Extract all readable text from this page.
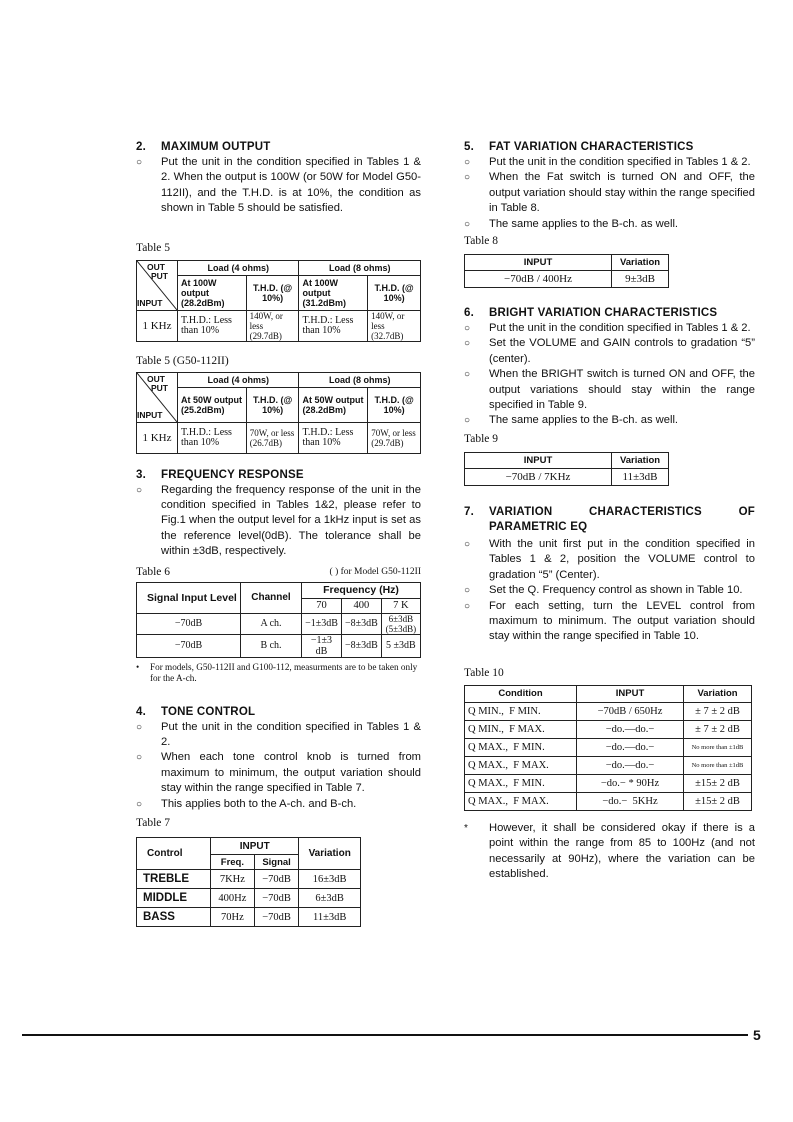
2.	MAXIMUM OUTPUT
○	Put the unit in the condition specified in Tables 1 & 2. When the output is 100W (or 50W for Model G50-112II), and the T.H.D. is at 10%, the condition as shown in Table 5 should be satisfied.
Table 5
OUT
PUT
INPUT	Load (4 ohms)		Load (8 ohms)	
	At 100W output (28.2dBm)	T.H.D. (@ 10%)	At 100W output (31.2dBm)	T.H.D. (@ 10%)
1 KHz	T.H.D.: Less than 10%	140W, or less (29.7dB)	T.H.D.: Less than 10%	140W, or less (32.7dB)
Table 5 (G50-112II)
OUT
PUT
INPUT	Load (4 ohms)		Load (8 ohms)	
	At 50W output (25.2dBm)	T.H.D. (@ 10%)	At 50W output (28.2dBm)	T.H.D. (@ 10%)
1 KHz	T.H.D.: Less than 10%	70W, or less (26.7dB)	T.H.D.: Less than 10%	70W, or less (29.7dB)
3.	FREQUENCY RESPONSE
○	Regarding the frequency response of the unit in the condition specified in Tables 1&2, please refer to Fig.1 when the output level for a 1kHz input is set as the reference level(0dB). The tolerance shall be within ±3dB, respectively.
Table 6	( ) for Model G50-112II
Signal Input Level	Channel	Frequency (Hz)		
		70	400	7 K
−70dB	A ch.	−1±3dB	−8±3dB	6±3dB (5±3dB)
−70dB	B ch.	−1±3 dB	−8±3dB	5 ±3dB
•	For models, G50-112II and G100-112, measurments are to be taken only for the A-ch.
4.	TONE CONTROL
○	Put the unit in the condition specified in Tables 1 & 2.
○	When each tone control knob is turned from maximum to minimum, the output variation should stay within the range specified in Table 7.
○	This applies both to the A-ch. and B-ch.
Table 7
Control	INPUT		Variation
	Freq.	Signal	
TREBLE	7KHz	−70dB	16±3dB
MIDDLE	400Hz	−70dB	6±3dB
BASS	70Hz	−70dB	11±3dB
5.	FAT VARIATION CHARACTERISTICS
○	Put the unit in the condition specified in Tables 1 & 2.
○	When the Fat switch is turned ON and OFF, the output variation should stay within the range specified in Table 8.
○	The same applies to the B-ch. as well.
Table 8
INPUT	Variation
−70dB / 400Hz	9±3dB
6.	BRIGHT VARIATION CHARACTERISTICS
○	Put the unit in the condition specified in Tables 1 & 2.
○	Set the VOLUME and GAIN controls to gradation “5” (center).
○	When the BRIGHT switch is turned ON and OFF, the output variations should stay within the range specified in Table 9.
○	The same applies to the B-ch. as well.
Table 9
INPUT	Variation
−70dB / 7KHz	11±3dB
7.	VARIATION CHARACTERISTICS OF PARAMETRIC EQ
○	With the unit first put in the condition specified in Tables 1 & 2, position the VOLUME control to gradation “5” (Center).
○	Set the Q. Frequency control as shown in Table 10.
○	For each setting, turn the LEVEL control from maximum to minimum. The output variation should stay within the range specified in Table 10.
Table 10
Condition	INPUT	Variation
Q MIN.,  F MIN.	−70dB / 650Hz	± 7 ± 2 dB
Q MIN.,  F MAX.	−do.—do.−	± 7 ± 2 dB
Q MAX.,  F MIN.	−do.—do.−	No more than ±1dB
Q MAX.,  F MAX.	−do.—do.−	No more than ±1dB
Q MAX.,  F MIN.	−do.− * 90Hz	±15± 2 dB
Q MAX.,  F MAX.	−do.−  5KHz	±15± 2 dB
*	However, it shall be considered okay if there is a point within the range from 85 to 100Hz (and not necessarily at 90Hz), where the variation can be established.
5
